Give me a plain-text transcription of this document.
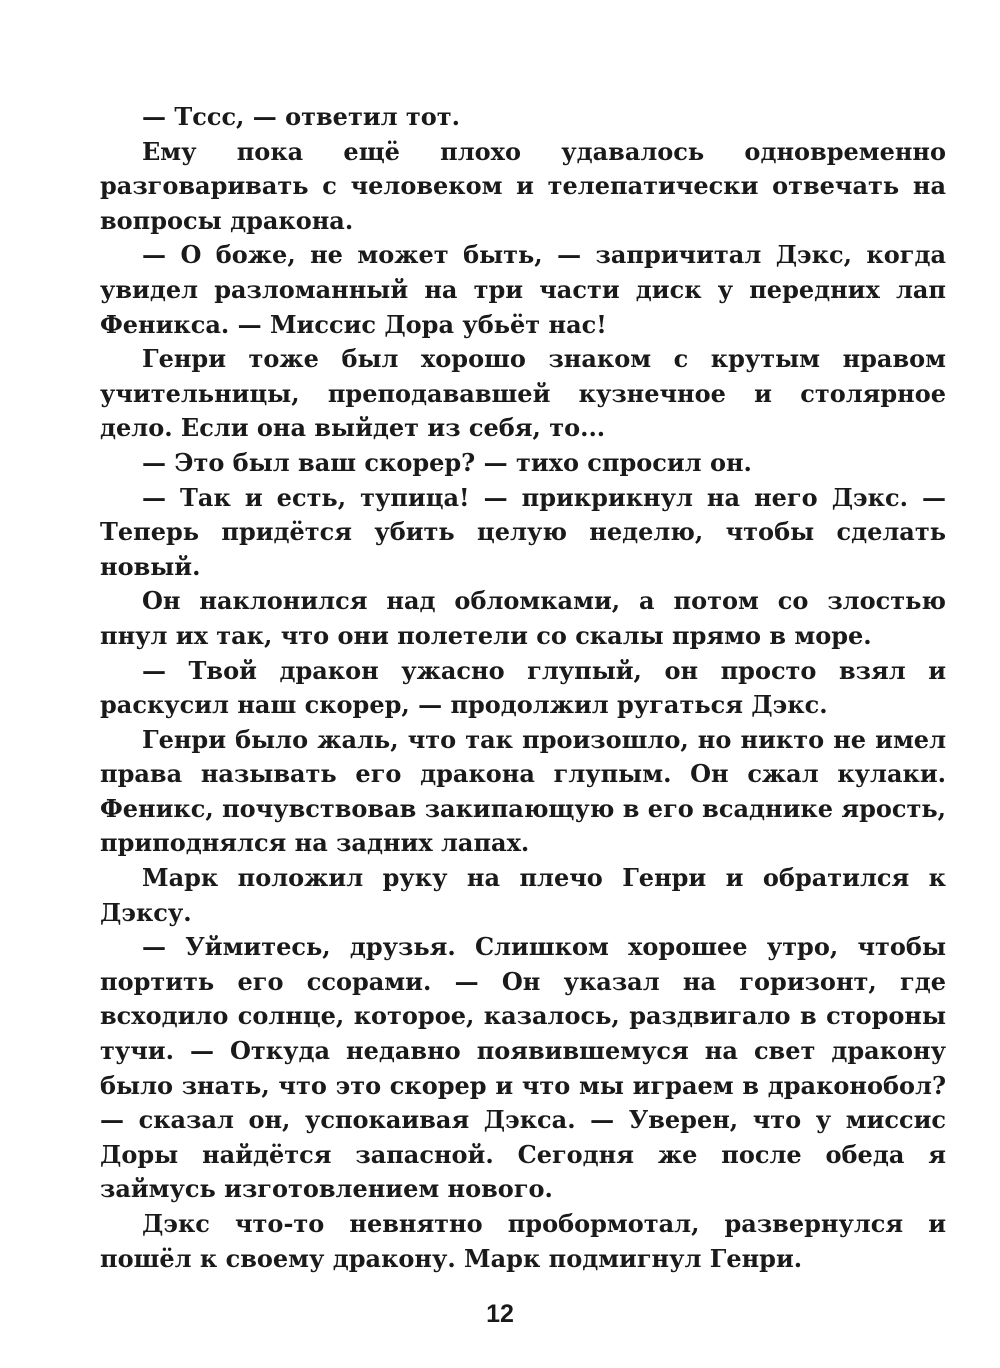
— Тссс, — ответил тот.

Ему пока ещё плохо удавалось одновременно разговаривать с человеком и телепатически отвечать на вопросы дракона.

— О боже, не может быть, — запричитал Дэкс, когда увидел разломанный на три части диск у передних лап Феникса. — Миссис Дора убьёт нас!

Генри тоже был хорошо знаком с крутым нравом учительницы, преподававшей кузнечное и столярное дело. Если она выйдет из себя, то...

— Это был ваш скорер? — тихо спросил он.

— Так и есть, тупица! — прикрикнул на него Дэкс. — Теперь придётся убить целую неделю, чтобы сделать новый.

Он наклонился над обломками, а потом со злостью пнул их так, что они полетели со скалы прямо в море.

— Твой дракон ужасно глупый, он просто взял и раскусил наш скорер, — продолжил ругаться Дэкс.

Генри было жаль, что так произошло, но никто не имел права называть его дракона глупым. Он сжал кулаки. Феникс, почувствовав закипающую в его всаднике ярость, приподнялся на задних лапах.

Марк положил руку на плечо Генри и обратился к Дэксу.

— Уймитесь, друзья. Слишком хорошее утро, чтобы портить его ссорами. — Он указал на горизонт, где всходило солнце, которое, казалось, раздвигало в стороны тучи. — Откуда недавно появившемуся на свет дракону было знать, что это скорер и что мы играем в драконобол? — сказал он, успокаивая Дэкса. — Уверен, что у миссис Доры найдётся запасной. Сегодня же после обеда я займусь изготовлением нового.

Дэкс что-то невнятно пробормотал, развернулся и пошёл к своему дракону. Марк подмигнул Генри.

12
